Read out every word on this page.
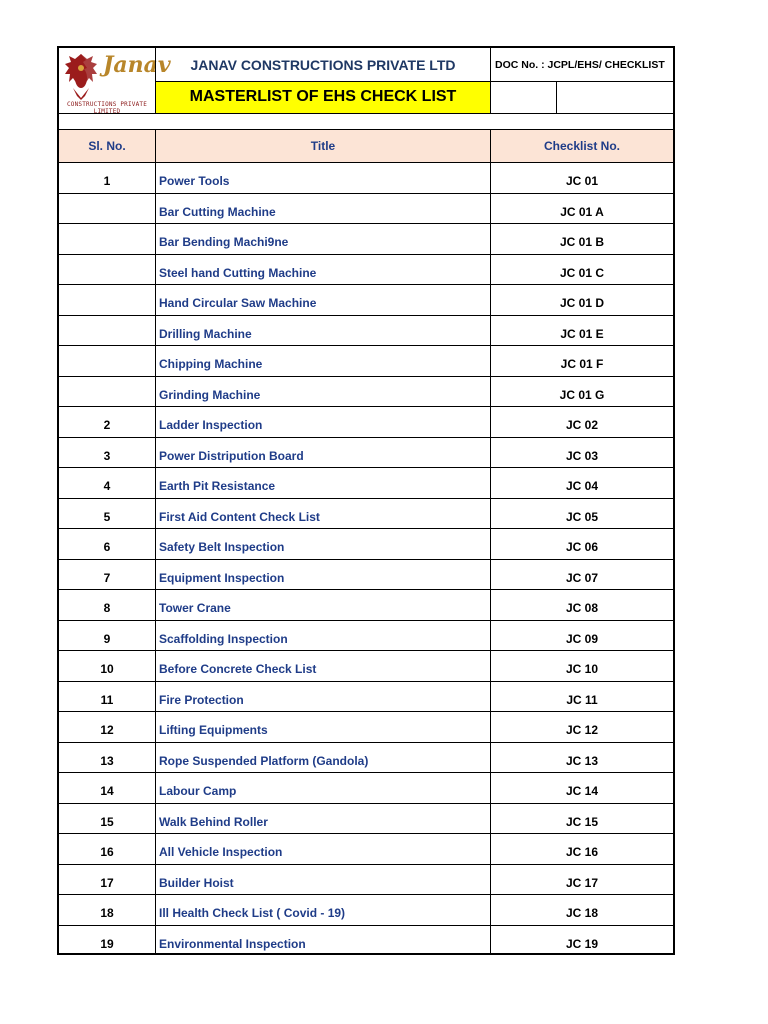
Janav
CONSTRUCTIONS PRIVATE LIMITED
JANAV CONSTRUCTIONS PRIVATE LTD	DOC No. : JCPL/EHS/ CHECKLIST
MASTERLIST OF EHS CHECK LIST
Sl. No.	Title	Checklist No.
1	Power Tools	JC 01
Bar Cutting Machine	JC 01 A
Bar Bending Machi9ne	JC 01 B
Steel hand Cutting Machine	JC 01 C
Hand Circular Saw Machine	JC 01 D
Drilling Machine	JC 01 E
Chipping Machine	JC 01 F
Grinding Machine	JC 01 G
2	Ladder Inspection	JC 02
3	Power Distripution Board	JC 03
4	Earth Pit Resistance	JC 04
5	First Aid Content Check List	JC 05
6	Safety Belt Inspection	JC 06
7	Equipment Inspection	JC 07
8	Tower Crane	JC 08
9	Scaffolding Inspection	JC 09
10	Before Concrete Check List	JC 10
11	Fire Protection	JC 11
12	Lifting Equipments	JC 12
13	Rope Suspended Platform (Gandola)	JC 13
14	Labour Camp	JC 14
15	Walk Behind Roller	JC 15
16	All Vehicle Inspection	JC 16
17	Builder Hoist	JC 17
18	Ill Health Check List ( Covid - 19)	JC 18
19	Environmental Inspection	JC 19
